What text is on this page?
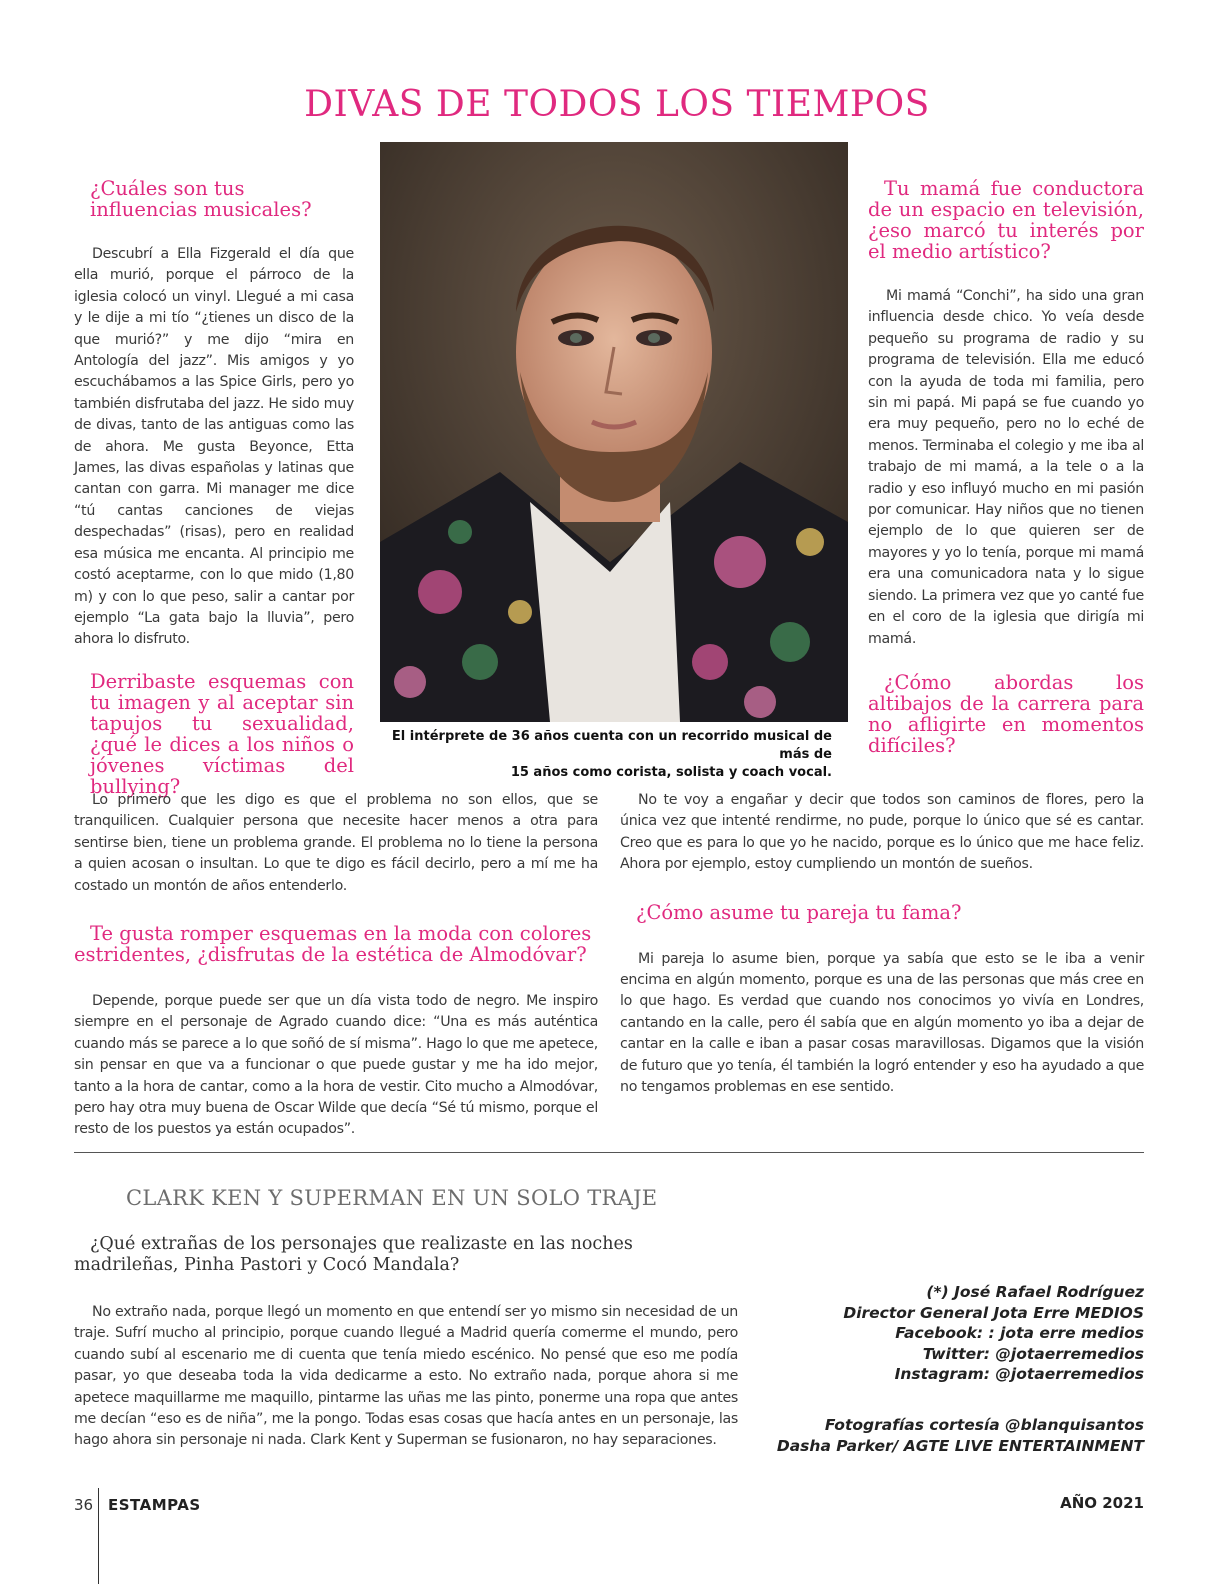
DIVAS DE TODOS LOS TIEMPOS

¿Cuáles son tus influencias musicales?

Descubrí a Ella Fizgerald el día que ella murió, porque el párroco de la iglesia colocó un vinyl. Llegué a mi casa y le dije a mi tío “¿tienes un disco de la que murió?” y me dijo “mira en Antología del jazz”. Mis amigos y yo escuchábamos a las Spice Girls, pero yo también disfrutaba del jazz. He sido muy de divas, tanto de las antiguas como las de ahora. Me gusta Beyonce, Etta James, las divas españolas y latinas que cantan con garra. Mi manager me dice “tú cantas canciones de viejas despechadas” (risas), pero en realidad esa música me encanta. Al principio me costó aceptarme, con lo que mido (1,80 m) y con lo que peso, salir a cantar por ejemplo “La gata bajo la lluvia”, pero ahora lo disfruto.

Derribaste esquemas con tu imagen y al aceptar sin tapujos tu sexualidad, ¿qué le dices a los niños o jóvenes víctimas del bullying?

El intérprete de 36 años cuenta con un recorrido musical de más de
15 años como corista, solista y coach vocal.

Tu mamá fue conductora de un espacio en televisión, ¿eso marcó tu interés por el medio artístico?

Mi mamá “Conchi”, ha sido una gran influencia desde chico. Yo veía desde pequeño su programa de radio y su programa de televisión. Ella me educó con la ayuda de toda mi familia, pero sin mi papá. Mi papá se fue cuando yo era muy pequeño, pero no lo eché de menos. Terminaba el colegio y me iba al trabajo de mi mamá, a la tele o a la radio y eso influyó mucho en mi pasión por comunicar. Hay niños que no tienen ejemplo de lo que quieren ser de mayores y yo lo tenía, porque mi mamá era una comunicadora nata y lo sigue siendo. La primera vez que yo canté fue en el coro de la iglesia que dirigía mi mamá.

¿Cómo abordas los altibajos de la carrera para no afligirte en momentos difíciles?

Lo primero que les digo es que el problema no son ellos, que se tranquilicen. Cualquier persona que necesite hacer menos a otra para sentirse bien, tiene un problema grande. El problema no lo tiene la persona a quien acosan o insultan. Lo que te digo es fácil decirlo, pero a mí me ha costado un montón de años entenderlo.

Te gusta romper esquemas en la moda con colores estridentes, ¿disfrutas de la estética de Almodóvar?

Depende, porque puede ser que un día vista todo de negro. Me inspiro siempre en el personaje de Agrado cuando dice: “Una es más auténtica cuando más se parece a lo que soñó de sí misma”. Hago lo que me apetece, sin pensar en que va a funcionar o que puede gustar y me ha ido mejor, tanto a la hora de cantar, como a la hora de vestir. Cito mucho a Almodóvar, pero hay otra muy buena de Oscar Wilde que decía “Sé tú mismo, porque el resto de los puestos ya están ocupados”.

No te voy a engañar y decir que todos son caminos de flores, pero la única vez que intenté rendirme, no pude, porque lo único que sé es cantar. Creo que es para lo que yo he nacido, porque es lo único que me hace feliz. Ahora por ejemplo, estoy cumpliendo un montón de sueños.

¿Cómo asume tu pareja tu fama?

Mi pareja lo asume bien, porque ya sabía que esto se le iba a venir encima en algún momento, porque es una de las personas que más cree en lo que hago. Es verdad que cuando nos conocimos yo vivía en Londres, cantando en la calle, pero él sabía que en algún momento yo iba a dejar de cantar en la calle e iban a pasar cosas maravillosas. Digamos que la visión de futuro que yo tenía, él también la logró entender y eso ha ayudado a que no tengamos problemas en ese sentido.

CLARK KEN Y SUPERMAN EN UN SOLO TRAJE

¿Qué extrañas de los personajes que realizaste en las noches madrileñas, Pinha Pastori y Cocó Mandala?

No extraño nada, porque llegó un momento en que entendí ser yo mismo sin necesidad de un traje. Sufrí mucho al principio, porque cuando llegué a Madrid quería comerme el mundo, pero cuando subí al escenario me di cuenta que tenía miedo escénico. No pensé que eso me podía pasar, yo que deseaba toda la vida dedicarme a esto. No extraño nada, porque ahora si me apetece maquillarme me maquillo, pintarme las uñas me las pinto, ponerme una ropa que antes me decían “eso es de niña”, me la pongo. Todas esas cosas que hacía antes en un personaje, las hago ahora sin personaje ni nada. Clark Kent y Superman se fusionaron, no hay separaciones.

(*) José Rafael Rodríguez
Director General Jota Erre MEDIOS
Facebook: : jota erre medios
Twitter: @jotaerremedios
Instagram: @jotaerremedios
Fotografías cortesía @blanquisantos
Dasha Parker/ AGTE LIVE ENTERTAINMENT
36 ESTAMPAS	AÑO 2021
